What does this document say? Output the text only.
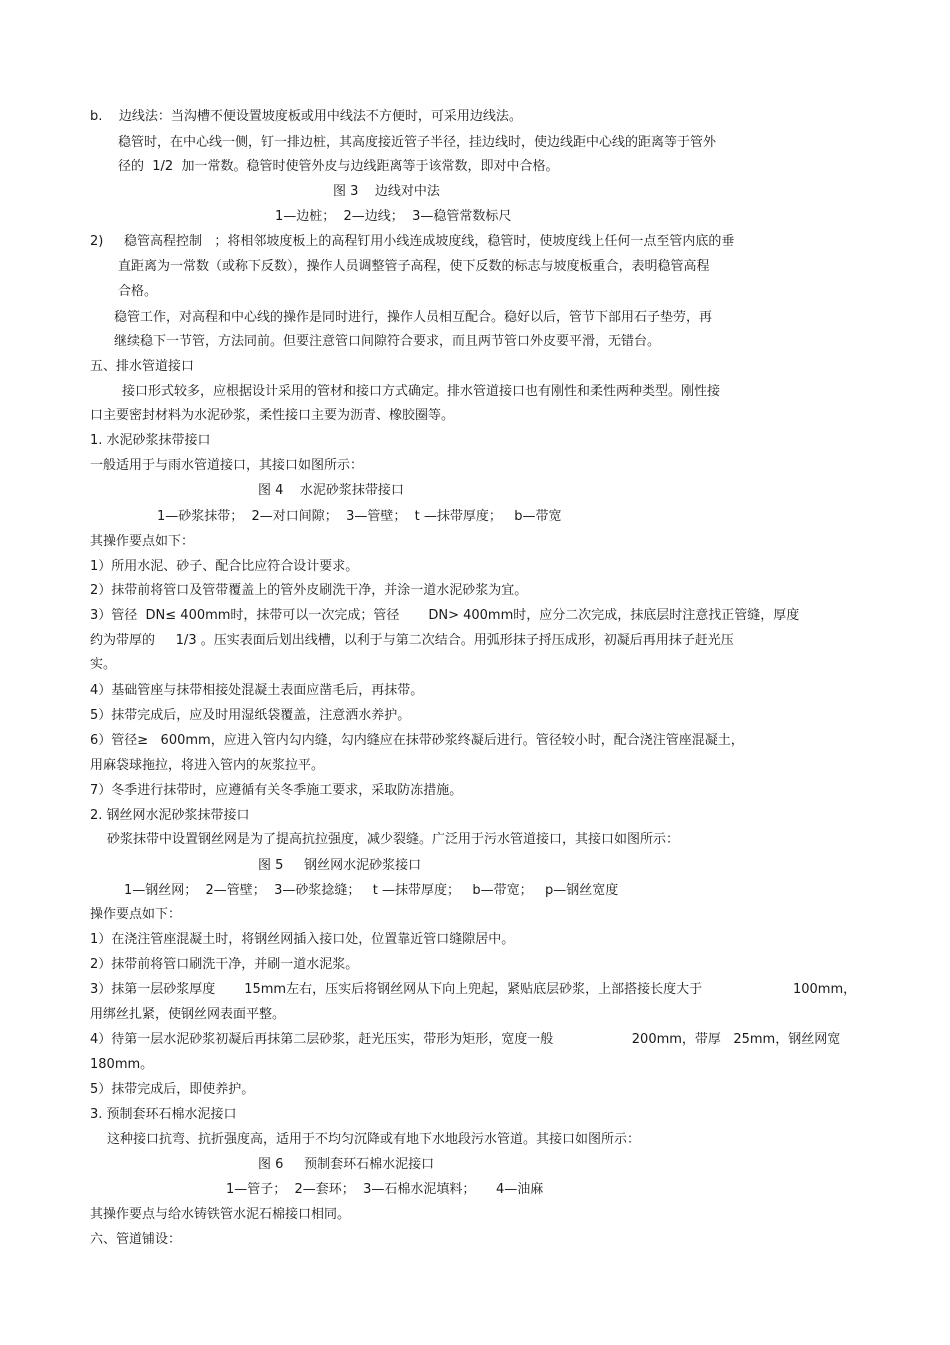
b.    边线法：当沟槽不便设置坡度板或用中线法不方便时，可采用边线法。
稳管时，在中心线一侧，钉一排边桩，其高度接近管子半径，挂边线时，使边线距中心线的距离等于管外
径的  1/2  加一常数。稳管时使管外皮与边线距离等于该常数，即对中合格。
图 3    边线对中法
1—边桩；  2—边线；  3—稳管常数标尺
2)     稳管高程控制   ；将相邻坡度板上的高程钉用小线连成坡度线，稳管时，使坡度线上任何一点至管内底的垂
直距离为一常数（或称下反数），操作人员调整管子高程，使下反数的标志与坡度板重合，表明稳管高程
合格。
稳管工作，对高程和中心线的操作是同时进行，操作人员相互配合。稳好以后，管节下部用石子垫劳，再
继续稳下一节管，方法同前。但要注意管口间隙符合要求，而且两节管口外皮要平滑，无错台。
五、排水管道接口
接口形式较多，应根据设计采用的管材和接口方式确定。排水管道接口也有刚性和柔性两种类型。刚性接
口主要密封材料为水泥砂浆，柔性接口主要为沥青、橡胶圈等。
1. 水泥砂浆抹带接口
一般适用于与雨水管道接口，其接口如图所示：
图 4    水泥砂浆抹带接口
1—砂浆抹带；  2—对口间隙；  3—管壁；  t —抹带厚度；   b—带宽
其操作要点如下：
1）所用水泥、砂子、配合比应符合设计要求。
2）抹带前将管口及管带覆盖上的管外皮刷洗干净，并涂一道水泥砂浆为宜。
3）管径  DN≤ 400mm时，抹带可以一次完成；管径       DN> 400mm时，应分二次完成，抹底层时注意找正管缝，厚度
约为带厚的     1/3 。压实表面后划出线槽，以利于与第二次结合。用弧形抹子捋压成形，初凝后再用抹子赶光压
实。
4）基础管座与抹带相接处混凝土表面应凿毛后，再抹带。
5）抹带完成后，应及时用湿纸袋覆盖，注意洒水养护。
6）管径≥   600mm，应进入管内勾内缝，勾内缝应在抹带砂浆终凝后进行。管径较小时，配合浇注管座混凝土，
用麻袋球拖拉，将进入管内的灰浆拉平。
7）冬季进行抹带时，应遵循有关冬季施工要求，采取防冻措施。
2. 钢丝网水泥砂浆抹带接口
砂浆抹带中设置钢丝网是为了提高抗拉强度，减少裂缝。广泛用于污水管道接口，其接口如图所示：
图 5     钢丝网水泥砂浆接口
1—钢丝网；  2—管壁；  3—砂浆捻缝；   t —抹带厚度；   b—带宽；   p—钢丝宽度
操作要点如下：
1）在浇注管座混凝土时，将钢丝网插入接口处，位置靠近管口缝隙居中。
2）抹带前将管口刷洗干净，并刷一道水泥浆。
3）抹第一层砂浆厚度       15mm左右，压实后将钢丝网从下向上兜起，紧贴底层砂浆，上部搭接长度大于                      100mm，
用绑丝扎紧，使钢丝网表面平整。
4）待第一层水泥砂浆初凝后再抹第二层砂浆，赶光压实，带形为矩形，宽度一般                   200mm，带厚   25mm，钢丝网宽
180mm。
5）抹带完成后，即使养护。
3. 预制套环石棉水泥接口
这种接口抗弯、抗折强度高，适用于不均匀沉降或有地下水地段污水管道。其接口如图所示：
图 6     预制套环石棉水泥接口
1—管子；  2—套环；  3—石棉水泥填料；     4—油麻
其操作要点与给水铸铁管水泥石棉接口相同。
六、管道铺设：
